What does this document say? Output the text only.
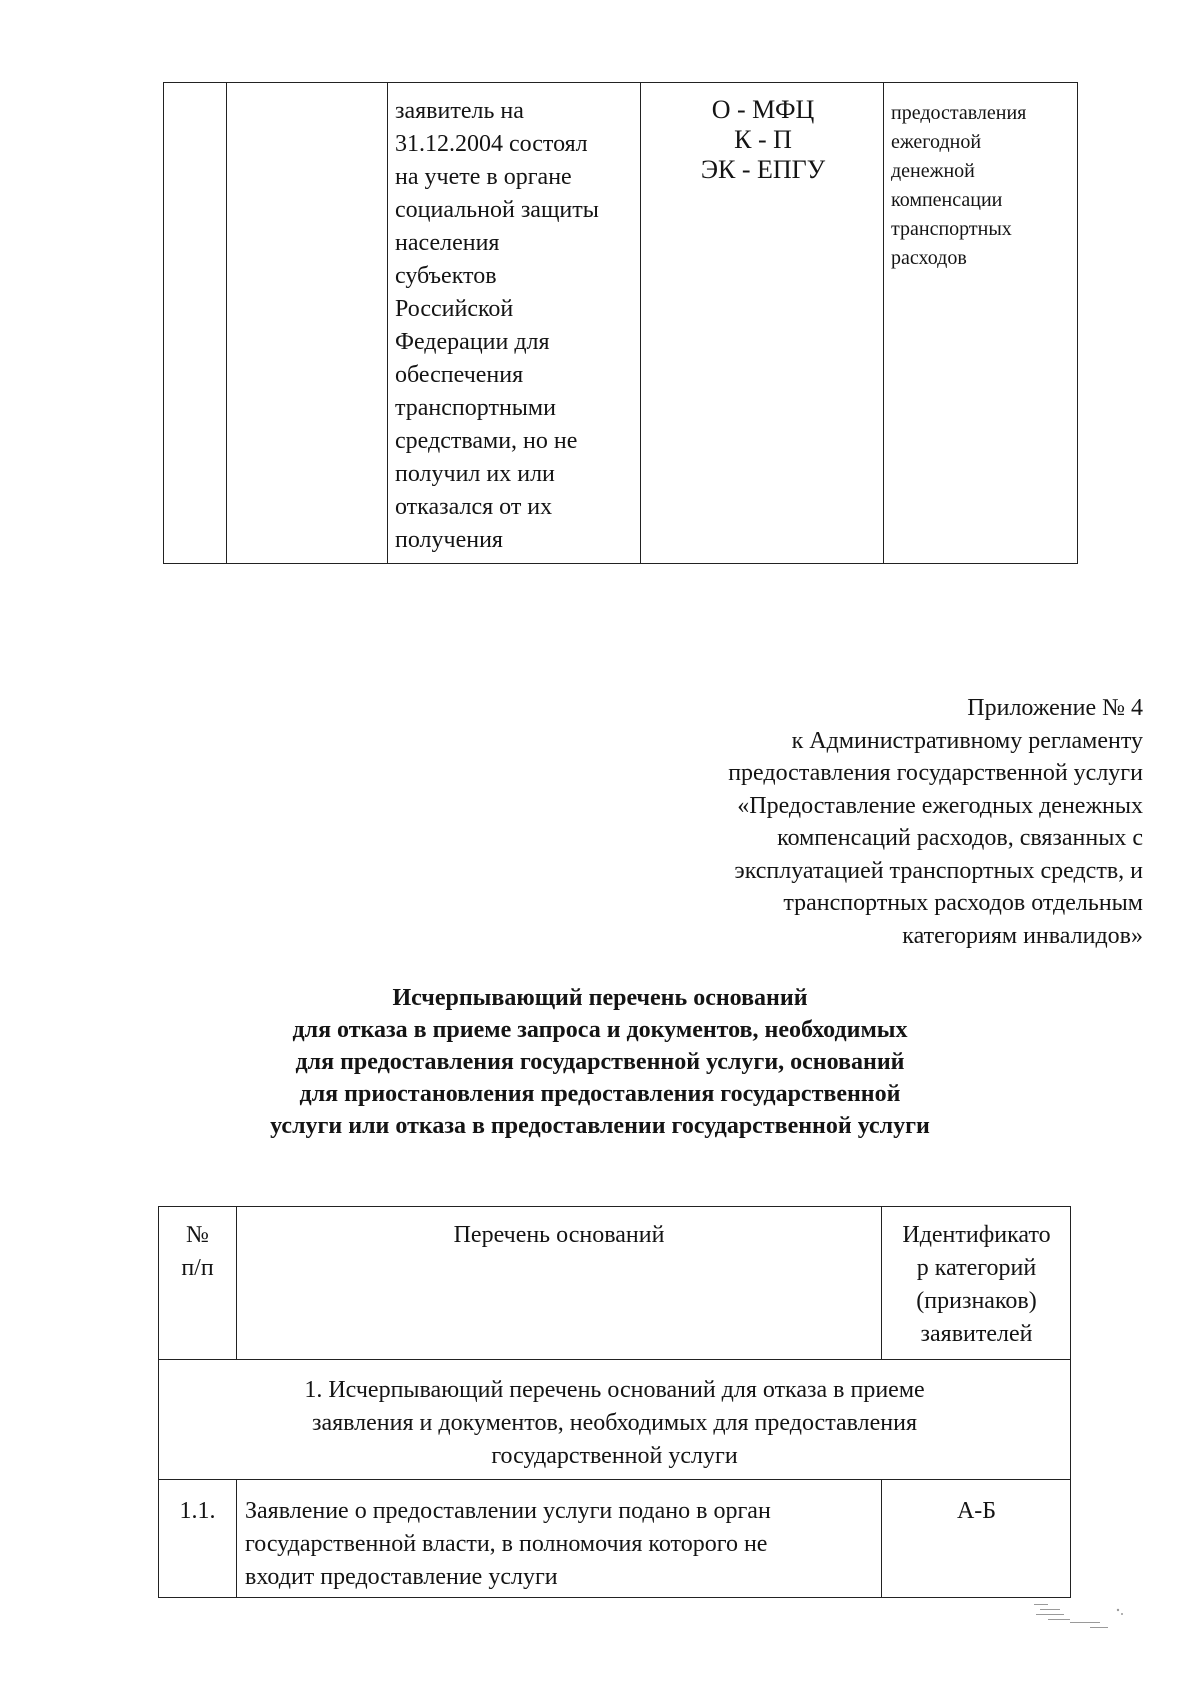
заявитель на
31.12.2004 состоял
на учете в органе
социальной защиты
населения
субъектов
Российской
Федерации для
обеспечения
транспортными
средствами, но не
получил их или
отказался от их
получения
О - МФЦ
К - П
ЭК - ЕПГУ
предоставления
ежегодной
денежной
компенсации
транспортных
расходов
Приложение № 4
к Административному регламенту
предоставления государственной услуги
«Предоставление ежегодных денежных
компенсаций расходов, связанных с
эксплуатацией транспортных средств, и
транспортных расходов отдельным
категориям инвалидов»
Исчерпывающий перечень оснований
для отказа в приеме запроса и документов, необходимых
для предоставления государственной услуги, оснований
для приостановления предоставления государственной
услуги или отказа в предоставлении государственной услуги
№
п/п
Перечень оснований	Идентификато
р категорий
(признаков)
заявителей
1. Исчерпывающий перечень оснований для отказа в приеме
заявления и документов, необходимых для предоставления
государственной услуги
1.1.	Заявление о предоставлении услуги подано в орган
государственной власти, в полномочия которого не
входит предоставление услуги
А-Б
